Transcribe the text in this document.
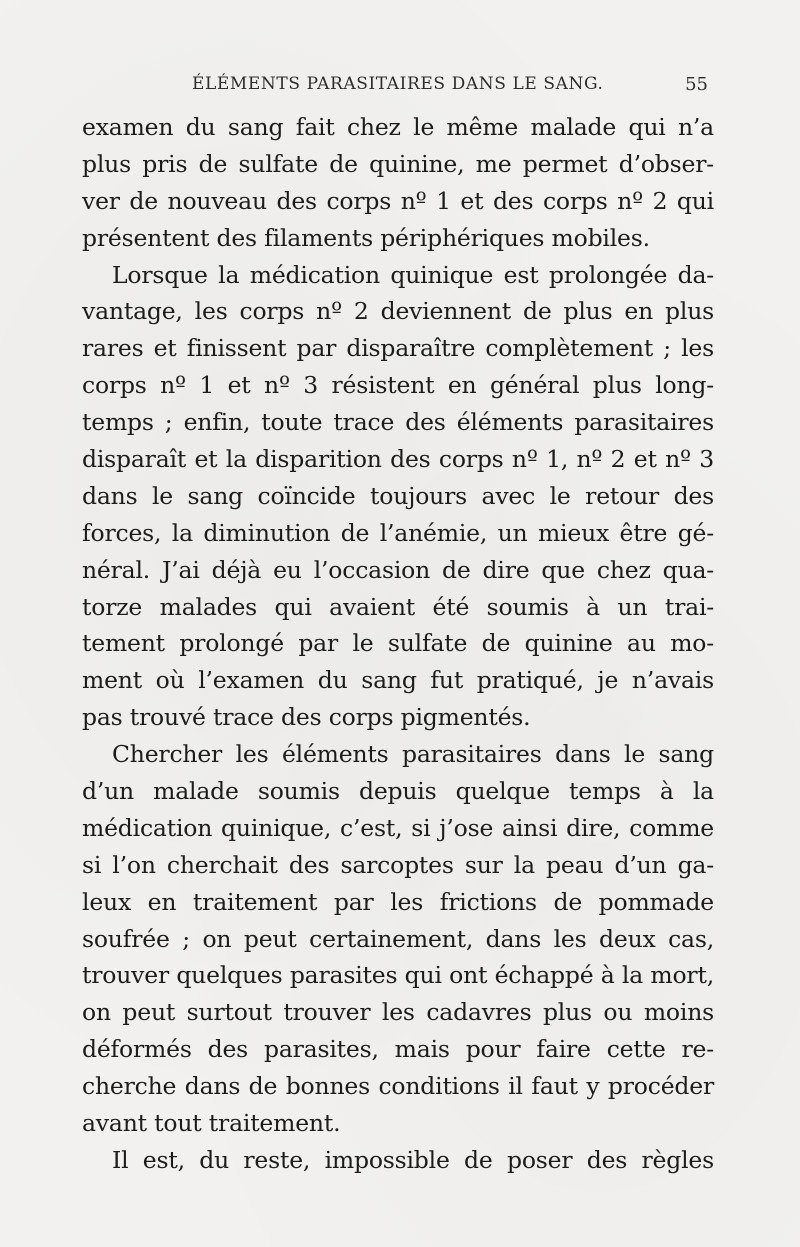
ÉLÉMENTS PARASITAIRES DANS LE SANG.	55
examen du sang fait chez le même malade qui n’a
plus pris de sulfate de quinine, me permet d’obser-
ver de nouveau des corps nº 1 et des corps nº 2 qui
présentent des filaments périphériques mobiles.
Lorsque la médication quinique est prolongée da-
vantage, les corps nº 2 deviennent de plus en plus
rares et finissent par disparaître complètement ; les
corps nº 1 et nº 3 résistent en général plus long-
temps ; enfin, toute trace des éléments parasitaires
disparaît et la disparition des corps nº 1, nº 2 et nº 3
dans le sang coïncide toujours avec le retour des
forces, la diminution de l’anémie, un mieux être gé-
néral. J’ai déjà eu l’occasion de dire que chez qua-
torze malades qui avaient été soumis à un trai-
tement prolongé par le sulfate de quinine au mo-
ment où l’examen du sang fut pratiqué, je n’avais
pas trouvé trace des corps pigmentés.
Chercher les éléments parasitaires dans le sang
d’un malade soumis depuis quelque temps à la
médication quinique, c’est, si j’ose ainsi dire, comme
si l’on cherchait des sarcoptes sur la peau d’un ga-
leux en traitement par les frictions de pommade
soufrée ; on peut certainement, dans les deux cas,
trouver quelques parasites qui ont échappé à la mort,
on peut surtout trouver les cadavres plus ou moins
déformés des parasites, mais pour faire cette re-
cherche dans de bonnes conditions il faut y procéder
avant tout traitement.
Il est, du reste, impossible de poser des règles
